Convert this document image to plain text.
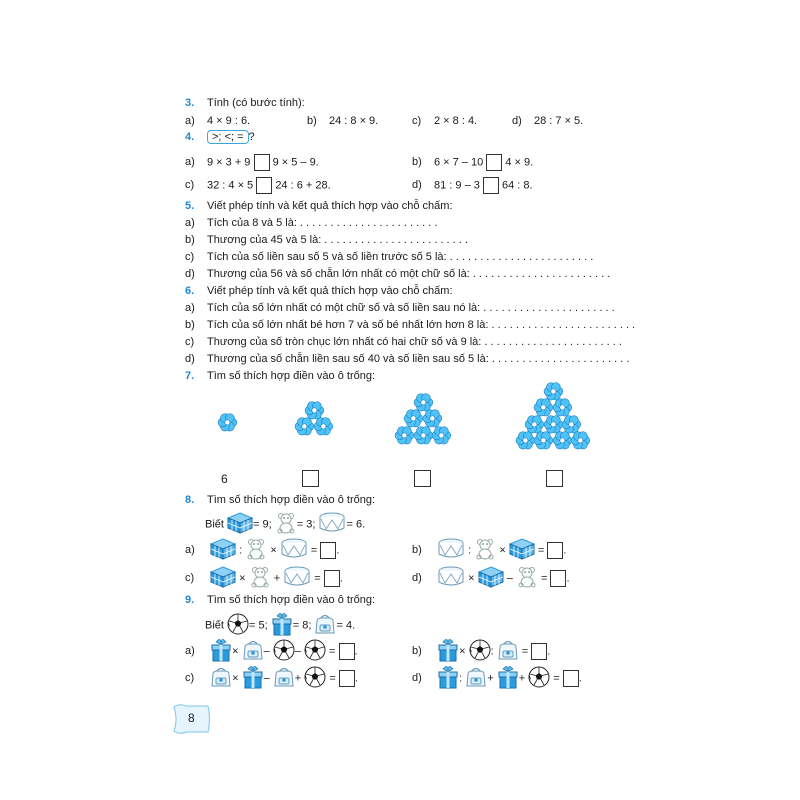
3. Tính (có bước tính):
a) 4 × 9 : 6.	b) 24 : 8 × 9.	c) 2 × 8 : 4.	d) 28 : 7 × 5.
4. >; <; = ?
a) 9 × 3 + 9 9 × 5 – 9.	b) 6 × 7 – 10 4 × 9.
c) 32 : 4 × 5 24 : 6 + 28.	d) 81 : 9 – 3 64 : 8.
5. Viết phép tính và kết quả thích hợp vào chỗ chấm:
a) Tích của 8 và 5 là: . . . . . . . . . . . . . . . . . . . . . . .
b) Thương của 45 và 5 là: . . . . . . . . . . . . . . . . . . . . . . . .
c) Tích của số liền sau số 5 và số liền trước số 5 là: . . . . . . . . . . . . . . . . . . . . . . . .
d) Thương của 56 và số chẵn lớn nhất có một chữ số là: . . . . . . . . . . . . . . . . . . . . . . .
6. Viết phép tính và kết quả thích hợp vào chỗ chấm:
a) Tích của số lớn nhất có một chữ số và số liền sau nó là: . . . . . . . . . . . . . . . . . . . . . .
b) Tích của số lớn nhất bé hơn 7 và số bé nhất lớn hơn 8 là: . . . . . . . . . . . . . . . . . . . . . . . .
c) Thương của số tròn chục lớn nhất có hai chữ số và 9 là: . . . . . . . . . . . . . . . . . . . . . . .
d) Thương của số chẵn liền sau số 40 và số liền sau số 5 là: . . . . . . . . . . . . . . . . . . . . . . .
7. Tìm số thích hợp điền vào ô trống:
6
8. Tìm số thích hợp điền vào ô trống:
Biết	= 9; = 3;	= 6.
a)	:	×	= .	b)	:	×	= .
c)	×	+	= .	d)	×	–	= .
9. Tìm số thích hợp điền vào ô trống:
Biết = 5; = 8; = 4.
a)	× – –	= .	b)	× :	= .
c)	× – +	= .	d)	: + +	= .
8
